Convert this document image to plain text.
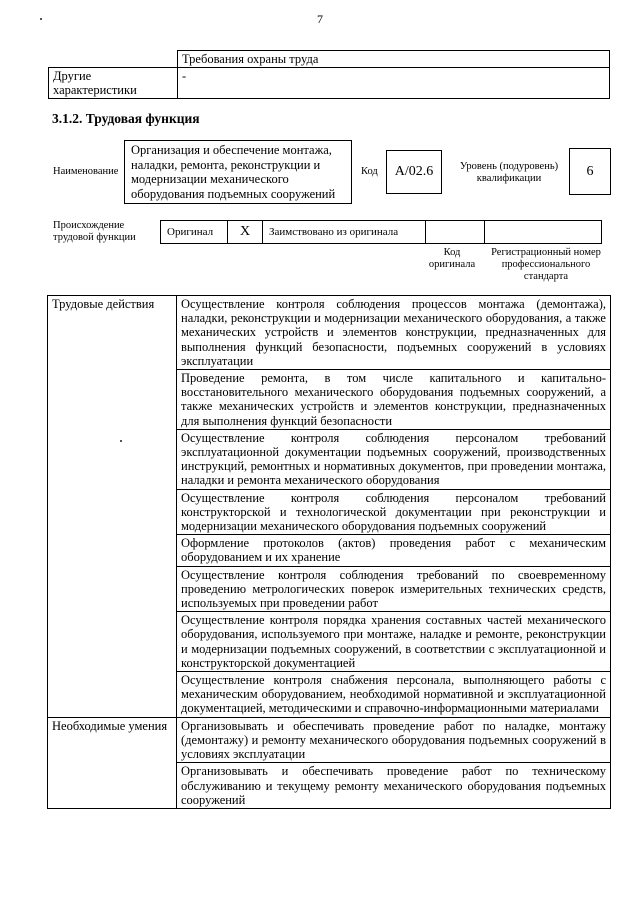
7
	Требования охраны труда
Другие характеристики	-
3.1.2. Трудовая функция
Наименование
Организация и обеспечение монтажа, наладки, ремонта, реконструкции и модернизации механического оборудования подъемных сооружений
Код	А/02.6	Уровень (подуровень) квалификации	6
Происхождение трудовой функции	Оригинал	X	Заимствовано из оригинала		
Код оригинала
Регистрационный номер профессионального стандарта
Трудовые действия	Осуществление контроля соблюдения процессов монтажа (демонтажа), наладки, реконструкции и модернизации механического оборудования, а также механических устройств и элементов конструкции, предназначенных для выполнения функций безопасности, подъемных сооружений в условиях эксплуатации
	Проведение ремонта, в том числе капитального и капитально-восстановительного механического оборудования подъемных сооружений, а также механических устройств и элементов конструкции, предназначенных для выполнения функций безопасности
	Осуществление контроля соблюдения персоналом требований эксплуатационной документации подъемных сооружений, производственных инструкций, ремонтных и нормативных документов, при проведении монтажа, наладки и ремонта механического оборудования
	Осуществление контроля соблюдения персоналом требований конструкторской и технологической документации при реконструкции и модернизации механического оборудования подъемных сооружений
	Оформление протоколов (актов) проведения работ с механическим оборудованием и их хранение
	Осуществление контроля соблюдения требований по своевременному проведению метрологических поверок измерительных технических средств, используемых при проведении работ
	Осуществление контроля порядка хранения составных частей механического оборудования, используемого при монтаже, наладке и ремонте, реконструкции и модернизации подъемных сооружений, в соответствии с эксплуатационной и конструкторской документацией
	Осуществление контроля снабжения персонала, выполняющего работы с механическим оборудованием, необходимой нормативной и эксплуатационной документацией, методическими и справочно-информационными материалами
Необходимые умения	Организовывать и обеспечивать проведение работ по наладке, монтажу (демонтажу) и ремонту механического оборудования подъемных сооружений в условиях эксплуатации
	Организовывать и обеспечивать проведение работ по техническому обслуживанию и текущему ремонту механического оборудования подъемных сооружений
